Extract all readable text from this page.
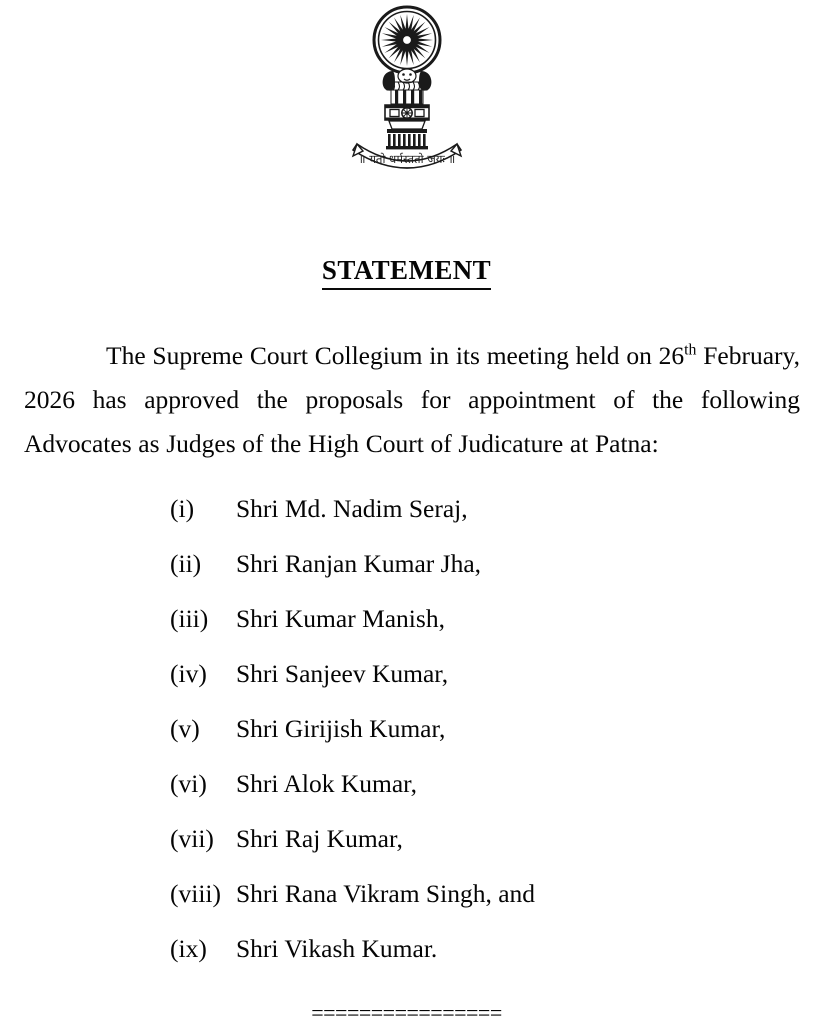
॥ यतो धर्मस्ततो जयः ॥
STATEMENT

The Supreme Court Collegium in its meeting held on 26th February, 2026 has approved the proposals for appointment of the following Advocates as Judges of the High Court of Judicature at Patna:

(i)	Shri Md. Nadim Seraj,
(ii)	Shri Ranjan Kumar Jha,
(iii)	Shri Kumar Manish,
(iv)	Shri Sanjeev Kumar,
(v)	Shri Girijish Kumar,
(vi)	Shri Alok Kumar,
(vii) Shri Raj Kumar,
(viii) Shri Rana Vikram Singh, and
(ix)	Shri Vikash Kumar.
================
